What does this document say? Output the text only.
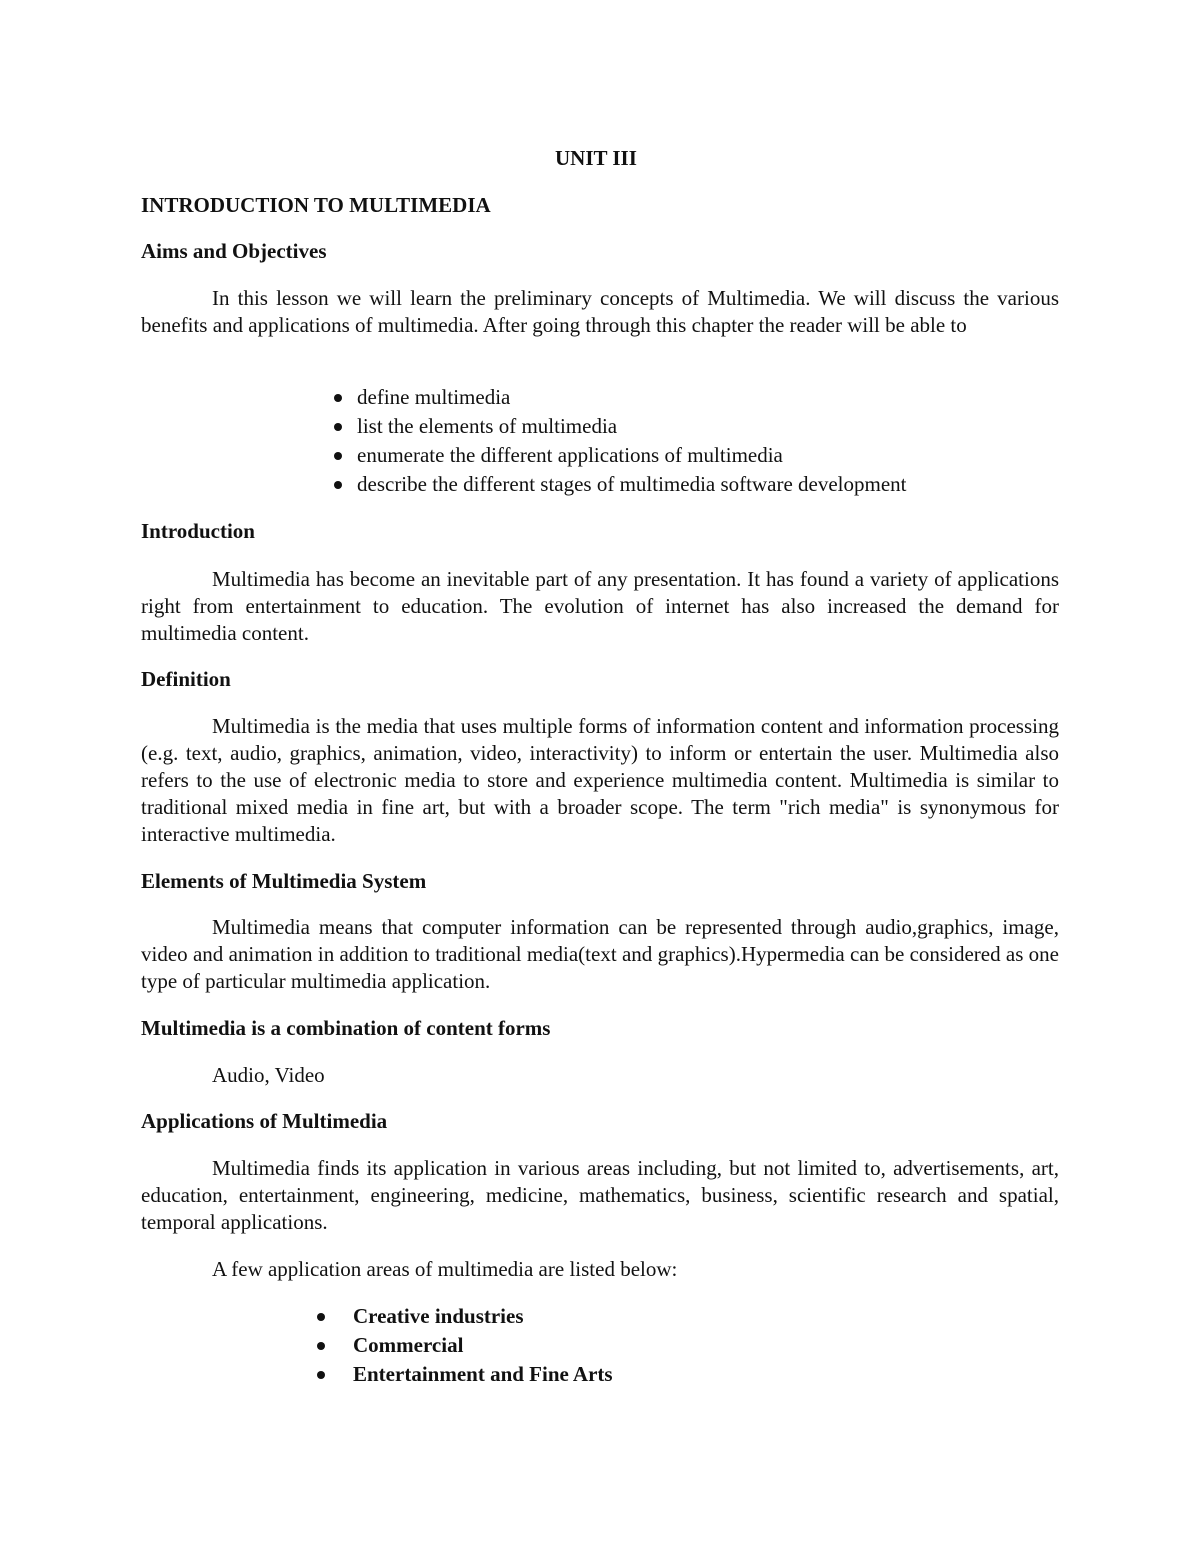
UNIT III
INTRODUCTION TO MULTIMEDIA
Aims and Objectives

In this lesson we will learn the preliminary concepts of Multimedia. We will discuss the various benefits and applications of multimedia. After going through this chapter the reader will be able to

define multimedia
list the elements of multimedia
enumerate the different applications of multimedia
describe the different stages of multimedia software development
Introduction

Multimedia has become an inevitable part of any presentation. It has found a variety of applications right from entertainment to education. The evolution of internet has also increased the demand for multimedia content.

Definition

Multimedia is the media that uses multiple forms of information content and information processing (e.g. text, audio, graphics, animation, video, interactivity) to inform or entertain the user. Multimedia also refers to the use of electronic media to store and experience multimedia content. Multimedia is similar to traditional mixed media in fine art, but with a broader scope. The term "rich media" is synonymous for interactive multimedia.

Elements of Multimedia System

Multimedia means that computer information can be represented through audio,graphics, image, video and animation in addition to traditional media(text and graphics).Hypermedia can be considered as one type of particular multimedia application.

Multimedia is a combination of content forms
Audio, Video
Applications of Multimedia

Multimedia finds its application in various areas including, but not limited to, advertisements, art, education, entertainment, engineering, medicine, mathematics, business, scientific research and spatial, temporal applications.

A few application areas of multimedia are listed below:
Creative industries
Commercial
Entertainment and Fine Arts
